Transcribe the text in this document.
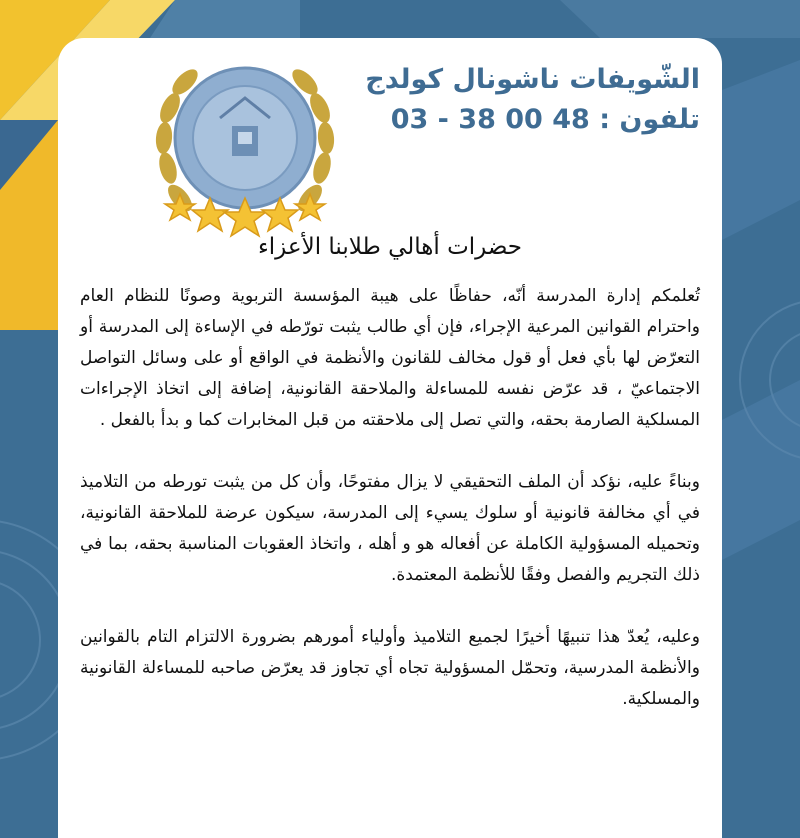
الشّويفات ناشونال كولدج

تلفون : 48 00 38 - 03

حضرات أهالي طلابنا الأعزاء

تُعلمكم إدارة المدرسة أنّه، حفاظًا على هيبة المؤسسة التربوية وصونًا للنظام العام واحترام القوانين المرعية الإجراء، فإن أي طالب يثبت تورّطه في الإساءة إلى المدرسة أو التعرّض لها بأي فعل أو قول مخالف للقانون والأنظمة في الواقع أو على وسائل التواصل الاجتماعيّ ، قد عرّض نفسه للمساءلة والملاحقة القانونية، إضافة إلى اتخاذ الإجراءات المسلكية الصارمة بحقه، والتي تصل إلى ملاحقته من قبل المخابرات كما و بدأ بالفعل .

وبناءً عليه، نؤكد أن الملف التحقيقي لا يزال مفتوحًا، وأن كل من يثبت تورطه من التلاميذ في أي مخالفة قانونية أو سلوك يسيء إلى المدرسة، سيكون عرضة للملاحقة القانونية، وتحميله المسؤولية الكاملة عن أفعاله هو و أهله ، واتخاذ العقوبات المناسبة بحقه، بما في ذلك التجريم والفصل وفقًا للأنظمة المعتمدة.

وعليه، يُعدّ هذا تنبيهًا أخيرًا لجميع التلاميذ وأولياء أمورهم بضرورة الالتزام التام بالقوانين والأنظمة المدرسية، وتحمّل المسؤولية تجاه أي تجاوز قد يعرّض صاحبه للمساءلة القانونية والمسلكية.
